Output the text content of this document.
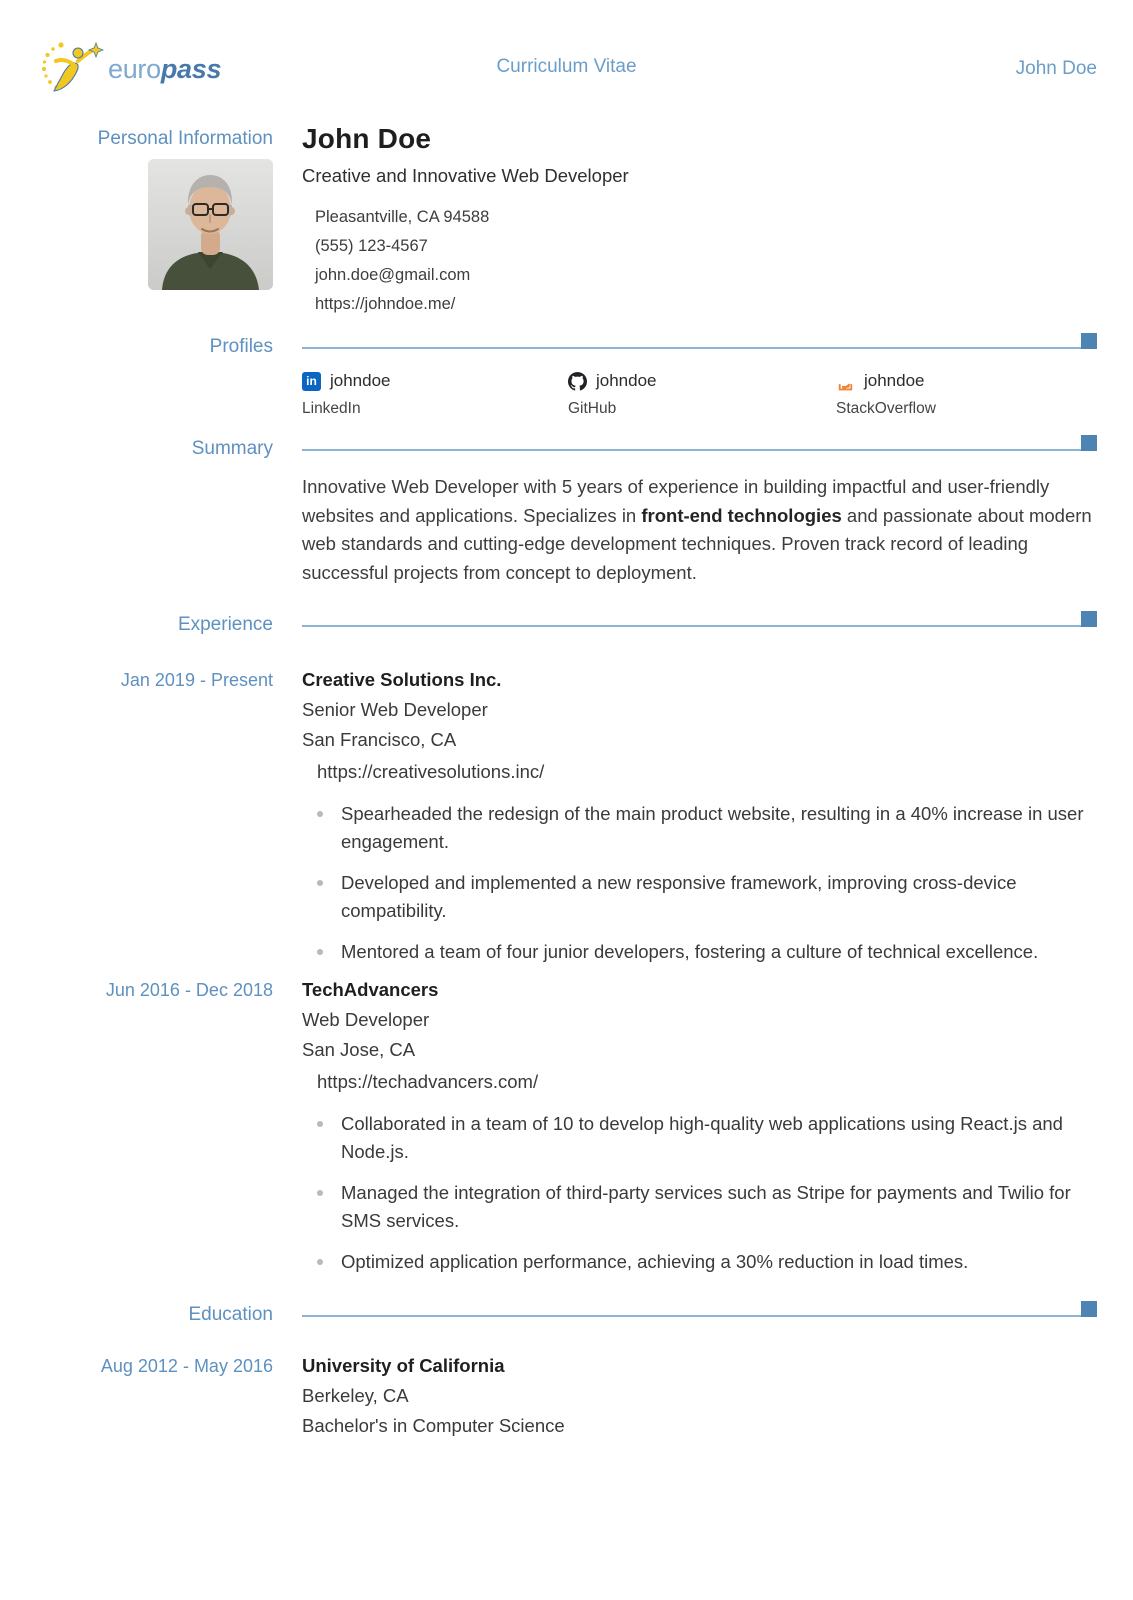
europass	Curriculum Vitae	John Doe
Personal Information John Doe
Creative and Innovative Web Developer
Pleasantville, CA 94588
(555) 123-4567
john.doe@gmail.com
https://johndoe.me/
Profiles
in johndoe
LinkedIn
johndoe
GitHub
johndoe
StackOverflow
Summary

Innovative Web Developer with 5 years of experience in building impactful and user-friendly websites and applications. Specializes in front-end technologies and passionate about modern web standards and cutting-edge development techniques. Proven track record of leading successful projects from concept to deployment.

Experience
Jan 2019 - Present Creative Solutions Inc.
Senior Web Developer
San Francisco, CA
https://creativesolutions.inc/
Spearheaded the redesign of the main product website, resulting in a 40% increase in user engagement.
Developed and implemented a new responsive framework, improving cross-device compatibility.
Mentored a team of four junior developers, fostering a culture of technical excellence.
Jun 2016 - Dec 2018 TechAdvancers
Web Developer
San Jose, CA
https://techadvancers.com/
Collaborated in a team of 10 to develop high-quality web applications using React.js and Node.js.
Managed the integration of third-party services such as Stripe for payments and Twilio for SMS services.
Optimized application performance, achieving a 30% reduction in load times.
Education
Aug 2012 - May 2016 University of California
Berkeley, CA
Bachelor's in Computer Science
